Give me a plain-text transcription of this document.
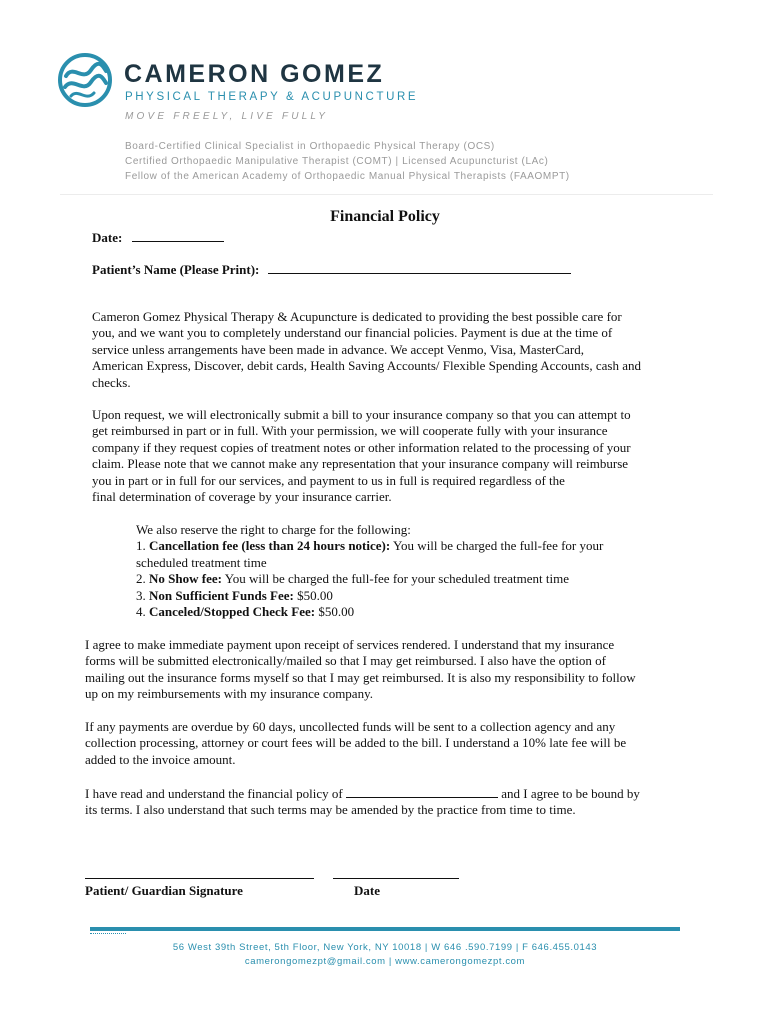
CAMERON GOMEZ
PHYSICAL THERAPY & ACUPUNCTURE
MOVE FREELY, LIVE FULLY
Board-Certified Clinical Specialist in Orthopaedic Physical Therapy (OCS)
Certified Orthopaedic Manipulative Therapist (COMT) | Licensed Acupuncturist (LAc)
Fellow of the American Academy of Orthopaedic Manual Physical Therapists (FAAOMPT)
Financial Policy
Date:
Patient’s Name (Please Print):
Cameron Gomez Physical Therapy & Acupuncture is dedicated to providing the best possible care for
you, and we want you to completely understand our financial policies. Payment is due at the time of
service unless arrangements have been made in advance. We accept Venmo, Visa, MasterCard,
American Express, Discover, debit cards, Health Saving Accounts/ Flexible Spending Accounts, cash and
checks.
Upon request, we will electronically submit a bill to your insurance company so that you can attempt to
get reimbursed in part or in full. With your permission, we will cooperate fully with your insurance
company if they request copies of treatment notes or other information related to the processing of your
claim. Please note that we cannot make any representation that your insurance company will reimburse
you in part or in full for our services, and payment to us in full is required regardless of the
final determination of coverage by your insurance carrier.
We also reserve the right to charge for the following:
1. Cancellation fee (less than 24 hours notice): You will be charged the full-fee for your
scheduled treatment time
2. No Show fee: You will be charged the full-fee for your scheduled treatment time
3. Non Sufficient Funds Fee: $50.00
4. Canceled/Stopped Check Fee: $50.00
I agree to make immediate payment upon receipt of services rendered. I understand that my insurance
forms will be submitted electronically/mailed so that I may get reimbursed. I also have the option of
mailing out the insurance forms myself so that I may get reimbursed. It is also my responsibility to follow
up on my reimbursements with my insurance company.
If any payments are overdue by 60 days, uncollected funds will be sent to a collection agency and any
collection processing, attorney or court fees will be added to the bill. I understand a 10% late fee will be
added to the invoice amount.
I have read and understand the financial policy of	and I agree to be bound by
its terms. I also understand that such terms may be amended by the practice from time to time.
Patient/ Guardian Signature	Date
56 West 39th Street, 5th Floor, New York, NY 10018 | W 646 .590.7199 | F 646.455.0143
camerongomezpt@gmail.com | www.camerongomezpt.com
